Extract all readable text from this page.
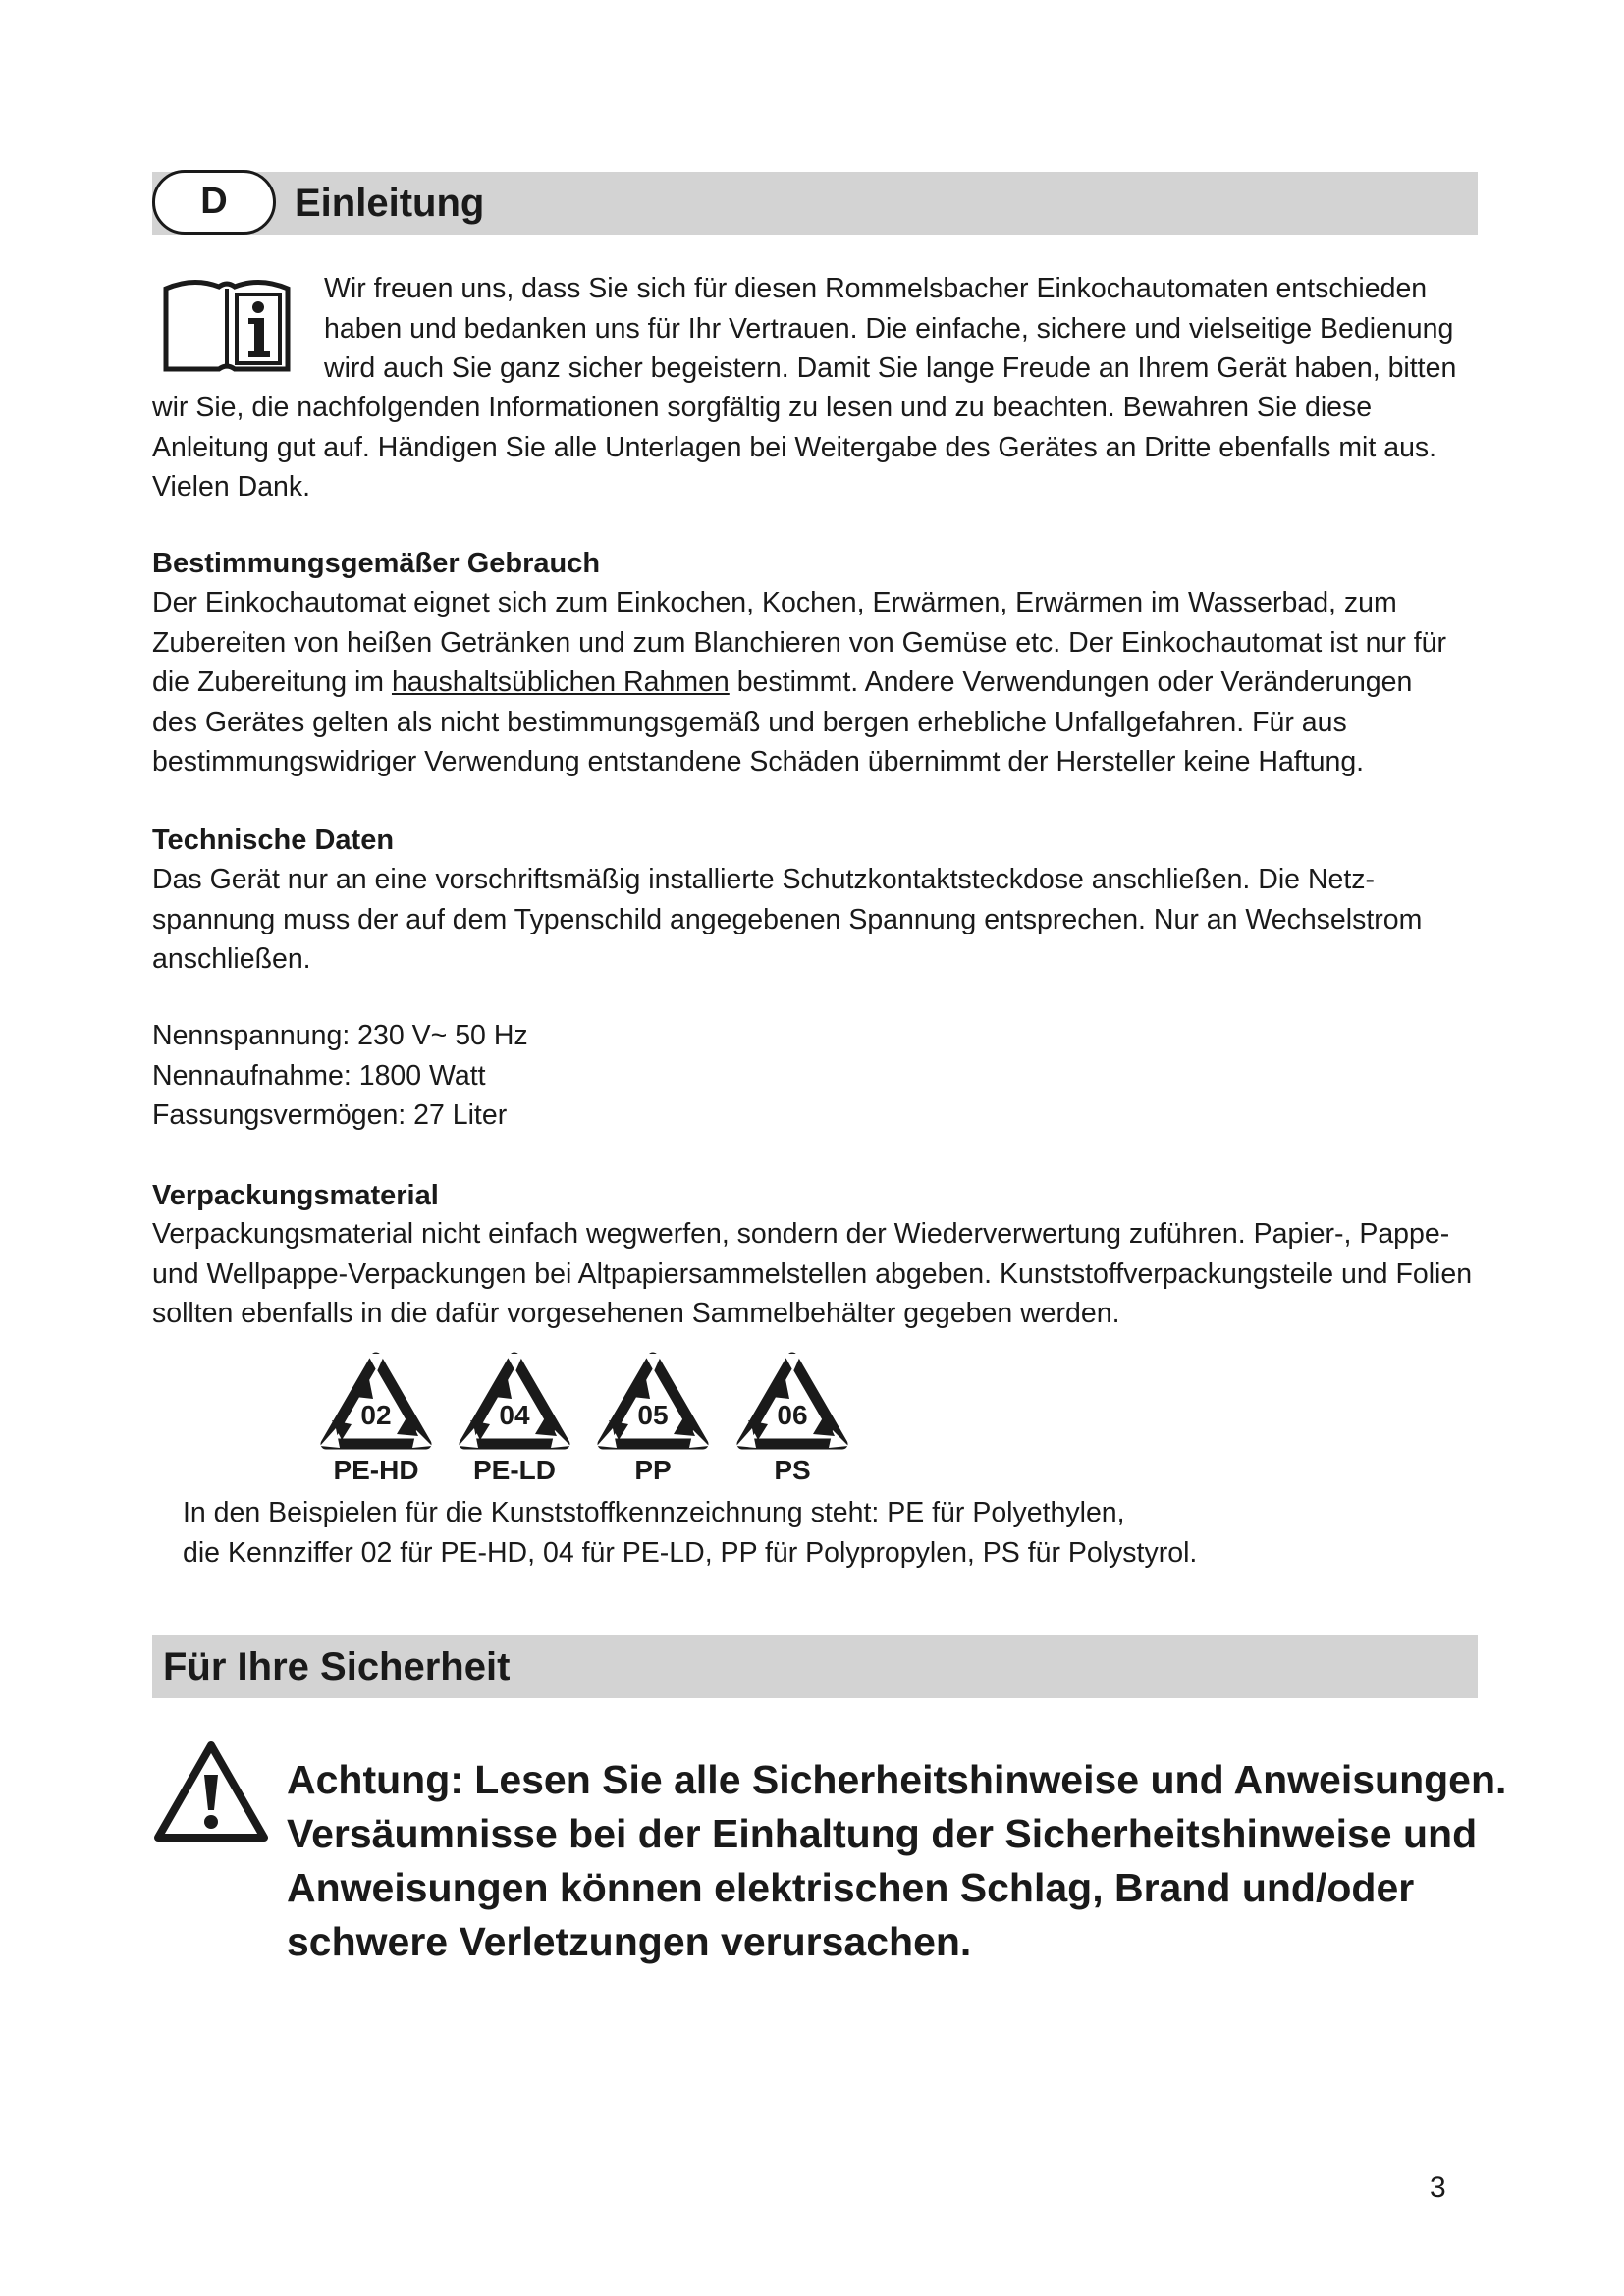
D	Einleitung
Wir freuen uns, dass Sie sich für diesen Rommelsbacher Einkochautomaten entschieden
haben und bedanken uns für Ihr Vertrauen. Die einfache, sichere und vielseitige Bedienung
wird auch Sie ganz sicher begeistern. Damit Sie lange Freude an Ihrem Gerät haben, bitten
wir Sie, die nachfolgenden Informationen sorgfältig zu lesen und zu beachten. Bewahren Sie diese
Anleitung gut auf. Händigen Sie alle Unterlagen bei Weitergabe des Gerätes an Dritte ebenfalls mit aus.
Vielen Dank.
Bestimmungsgemäßer Gebrauch
Der Einkochautomat eignet sich zum Einkochen, Kochen, Erwärmen, Erwärmen im Wasserbad, zum
Zubereiten von heißen Getränken und zum Blanchieren von Gemüse etc. Der Einkochautomat ist nur für
die Zubereitung im haushaltsüblichen Rahmen bestimmt. Andere Verwendungen oder Veränderungen
des Gerätes gelten als nicht bestimmungsgemäß und bergen erhebliche Unfallgefahren. Für aus
bestimmungswidriger Verwendung entstandene Schäden übernimmt der Hersteller keine Haftung.
Technische Daten
Das Gerät nur an eine vorschriftsmäßig installierte Schutzkontaktsteckdose anschließen. Die Netz-
spannung muss der auf dem Typenschild angegebenen Spannung entsprechen. Nur an Wechselstrom
anschließen.
Nennspannung: 230 V~ 50 Hz
Nennaufnahme: 1800 Watt
Fassungsvermögen: 27 Liter
Verpackungsmaterial
Verpackungsmaterial nicht einfach wegwerfen, sondern der Wiederverwertung zuführen. Papier-, Pappe-
und Wellpappe-Verpackungen bei Altpapiersammelstellen abgeben. Kunststoffverpackungsteile und Folien
sollten ebenfalls in die dafür vorgesehenen Sammelbehälter gegeben werden.
02
PE-HD
04
PE-LD
05
PP
06
PS
In den Beispielen für die Kunststoffkennzeichnung steht: PE für Polyethylen,
die Kennziffer 02 für PE-HD, 04 für PE-LD, PP für Polypropylen, PS für Polystyrol.
Für Ihre Sicherheit
Achtung: Lesen Sie alle Sicherheitshinweise und Anweisungen.
Versäumnisse bei der Einhaltung der Sicherheitshinweise und
Anweisungen können elektrischen Schlag, Brand und/oder
schwere Verletzungen verursachen.
3
